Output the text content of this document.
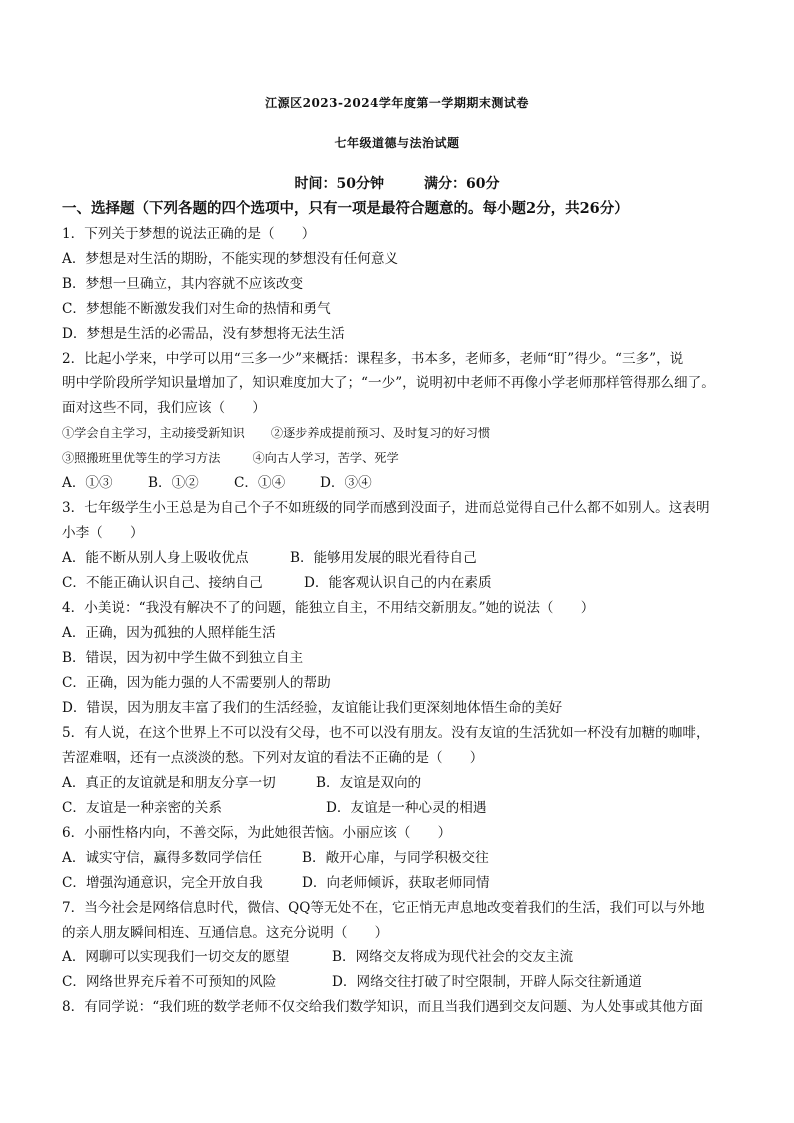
江源区2023-2024学年度第一学期期末测试卷
七年级道德与法治试题
时间：50分钟	满分：60分
一、选择题（下列各题的四个选项中，只有一项是最符合题意的。每小题2分，共26分）
1．下列关于梦想的说法正确的是（　　）
A．梦想是对生活的期盼，不能实现的梦想没有任何意义
B．梦想一旦确立，其内容就不应该改变
C．梦想能不断激发我们对生命的热情和勇气
D．梦想是生活的必需品，没有梦想将无法生活
2．比起小学来，中学可以用“三多一少”来概括：课程多，书本多，老师多，老师“盯”得少。“三多”，说
明中学阶段所学知识量增加了，知识难度加大了；“一少”，说明初中老师不再像小学老师那样管得那么细了。
面对这些不同，我们应该（　　）
①学会自主学习，主动接受新知识 ②逐步养成提前预习、及时复习的好习惯
③照搬班里优等生的学习方法	④向古人学习，苦学、死学
A．①③	B．①②	C．①④	D．③④
3．七年级学生小王总是为自己个子不如班级的同学而感到没面子，进而总觉得自己什么都不如别人。这表明
小李（　　）
A．能不断从别人身上吸收优点	B．能够用发展的眼光看待自己
C．不能正确认识自己、接纳自己	D．能客观认识自己的内在素质
4．小美说：“我没有解决不了的问题，能独立自主，不用结交新朋友。”她的说法（　　）
A．正确，因为孤独的人照样能生活
B．错误，因为初中学生做不到独立自主
C．正确，因为能力强的人不需要别人的帮助
D．错误，因为朋友丰富了我们的生活经验，友谊能让我们更深刻地体悟生命的美好
5．有人说，在这个世界上不可以没有父母，也不可以没有朋友。没有友谊的生活犹如一杯没有加糖的咖啡，
苦涩难咽，还有一点淡淡的愁。下列对友谊的看法不正确的是（　　）
A．真正的友谊就是和朋友分享一切	B．友谊是双向的
C．友谊是一种亲密的关系	D．友谊是一种心灵的相遇
6．小丽性格内向，不善交际，为此她很苦恼。小丽应该（　　）
A．诚实守信，赢得多数同学信任	B．敞开心扉，与同学积极交往
C．增强沟通意识，完全开放自我	D．向老师倾诉，获取老师同情
7．当今社会是网络信息时代，微信、QQ等无处不在，它正悄无声息地改变着我们的生活，我们可以与外地
的亲人朋友瞬间相连、互通信息。这充分说明（　　）
A．网聊可以实现我们一切交友的愿望	B．网络交友将成为现代社会的交友主流
C．网络世界充斥着不可预知的风险	D．网络交往打破了时空限制，开辟人际交往新通道
8．有同学说：“我们班的数学老师不仅交给我们数学知识，而且当我们遇到交友问题、为人处事或其他方面
